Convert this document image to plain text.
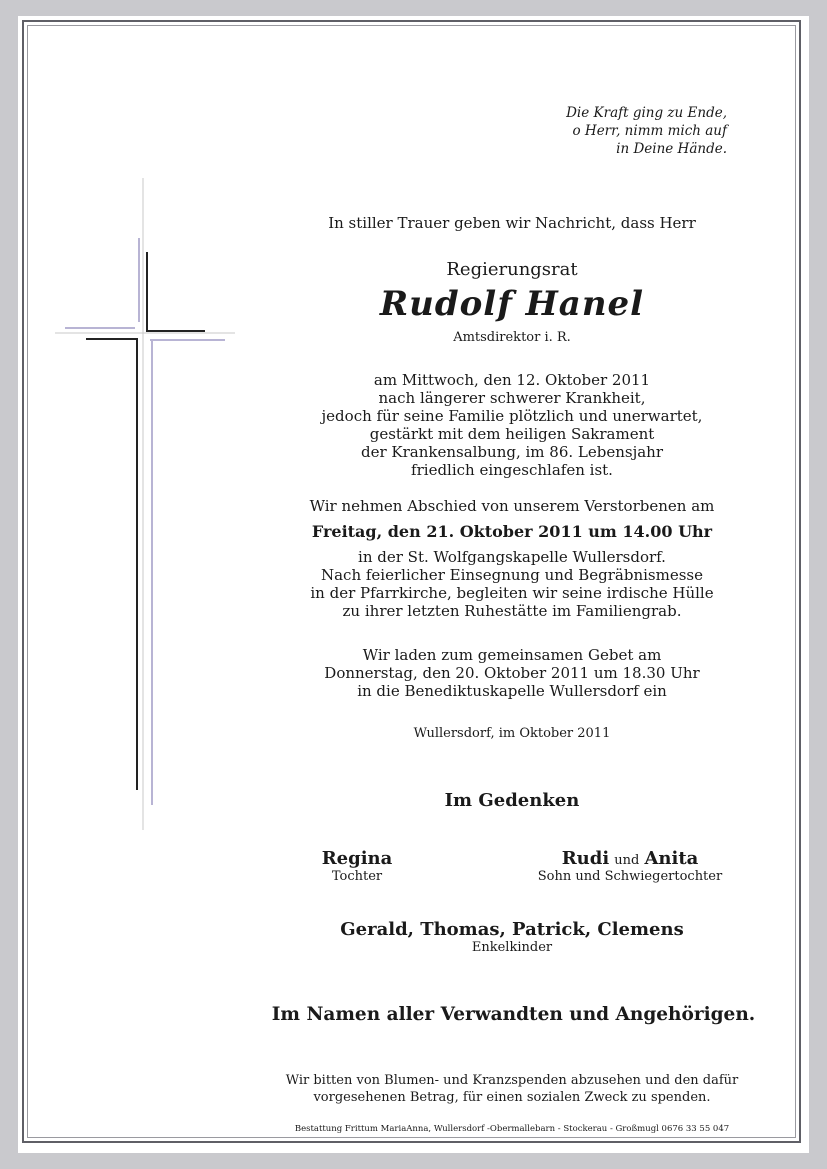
Die Kraft ging zu Ende,
o Herr, nimm mich auf
in Deine Hände.
In stiller Trauer geben wir Nachricht, dass Herr
Regierungsrat
Rudolf Hanel
Amtsdirektor i. R.
am Mittwoch, den 12. Oktober 2011
nach längerer schwerer Krankheit,
jedoch für seine Familie plötzlich und unerwartet,
gestärkt mit dem heiligen Sakrament
der Krankensalbung, im 86. Lebensjahr
friedlich eingeschlafen ist.
Wir nehmen Abschied von unserem Verstorbenen am
Freitag, den 21. Oktober 2011 um 14.00 Uhr
in der St. Wolfgangskapelle Wullersdorf.
Nach feierlicher Einsegnung und Begräbnismesse
in der Pfarrkirche, begleiten wir seine irdische Hülle
zu ihrer letzten Ruhestätte im Familiengrab.
Wir laden zum gemeinsamen Gebet am
Donnerstag, den 20. Oktober 2011 um 18.30 Uhr
in die Benediktuskapelle Wullersdorf ein
Wullersdorf, im Oktober 2011
Im Gedenken
Regina
Tochter
Rudi und Anita
Sohn und Schwiegertochter
Gerald, Thomas, Patrick, Clemens
Enkelkinder
Im Namen aller Verwandten und Angehörigen.
Wir bitten von Blumen- und Kranzspenden abzusehen und den dafür
vorgesehenen Betrag, für einen sozialen Zweck zu spenden.
Bestattung Frittum MariaAnna, Wullersdorf -Obermallebarn - Stockerau - Großmugl 0676 33 55 047
